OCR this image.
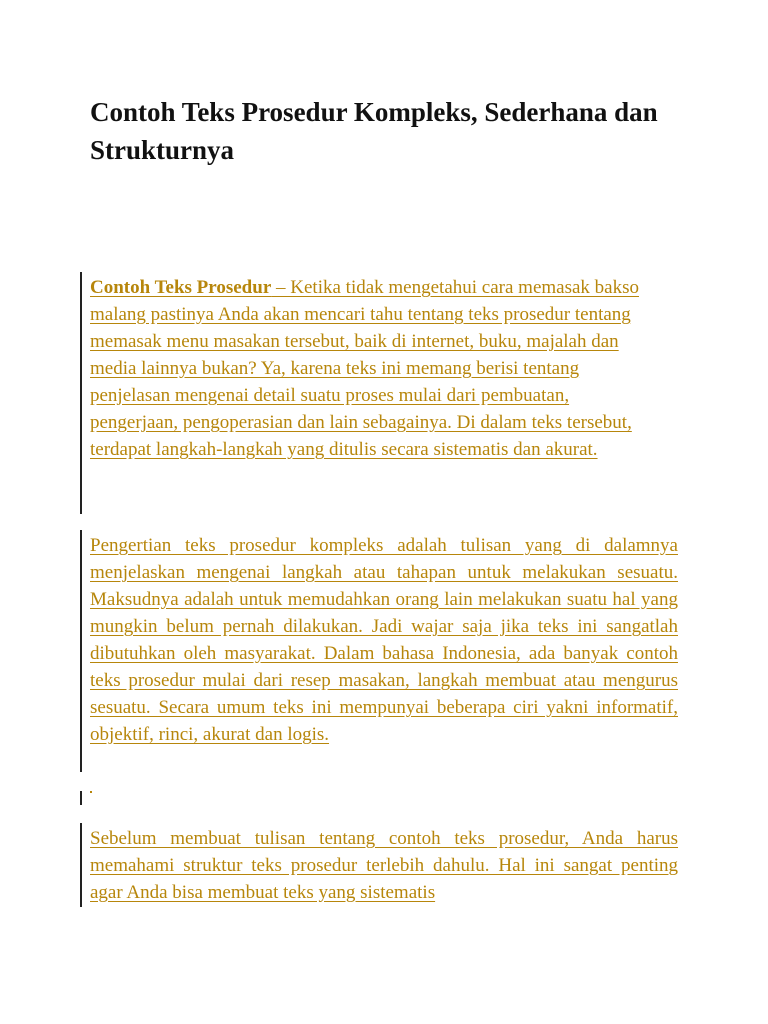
Contoh Teks Prosedur Kompleks, Sederhana dan Strukturnya

Contoh Teks Prosedur – Ketika tidak mengetahui cara memasak bakso malang pastinya Anda akan mencari tahu tentang teks prosedur tentang memasak menu masakan tersebut, baik di internet, buku, majalah dan media lainnya bukan? Ya, karena teks ini memang berisi tentang penjelasan mengenai detail suatu proses mulai dari pembuatan, pengerjaan, pengoperasian dan lain sebagainya. Di dalam teks tersebut, terdapat langkah-langkah yang ditulis secara sistematis dan akurat.

Pengertian teks prosedur kompleks adalah tulisan yang di dalamnya menjelaskan mengenai langkah atau tahapan untuk melakukan sesuatu. Maksudnya adalah untuk memudahkan orang lain melakukan suatu hal yang mungkin belum pernah dilakukan. Jadi wajar saja jika teks ini sangatlah dibutuhkan oleh masyarakat. Dalam bahasa Indonesia, ada banyak contoh teks prosedur mulai dari resep masakan, langkah membuat atau mengurus sesuatu. Secara umum teks ini mempunyai beberapa ciri yakni informatif, objektif, rinci, akurat dan logis.

Sebelum membuat tulisan tentang contoh teks prosedur, Anda harus memahami struktur teks prosedur terlebih dahulu. Hal ini sangat penting agar Anda bisa membuat teks yang sistematis
